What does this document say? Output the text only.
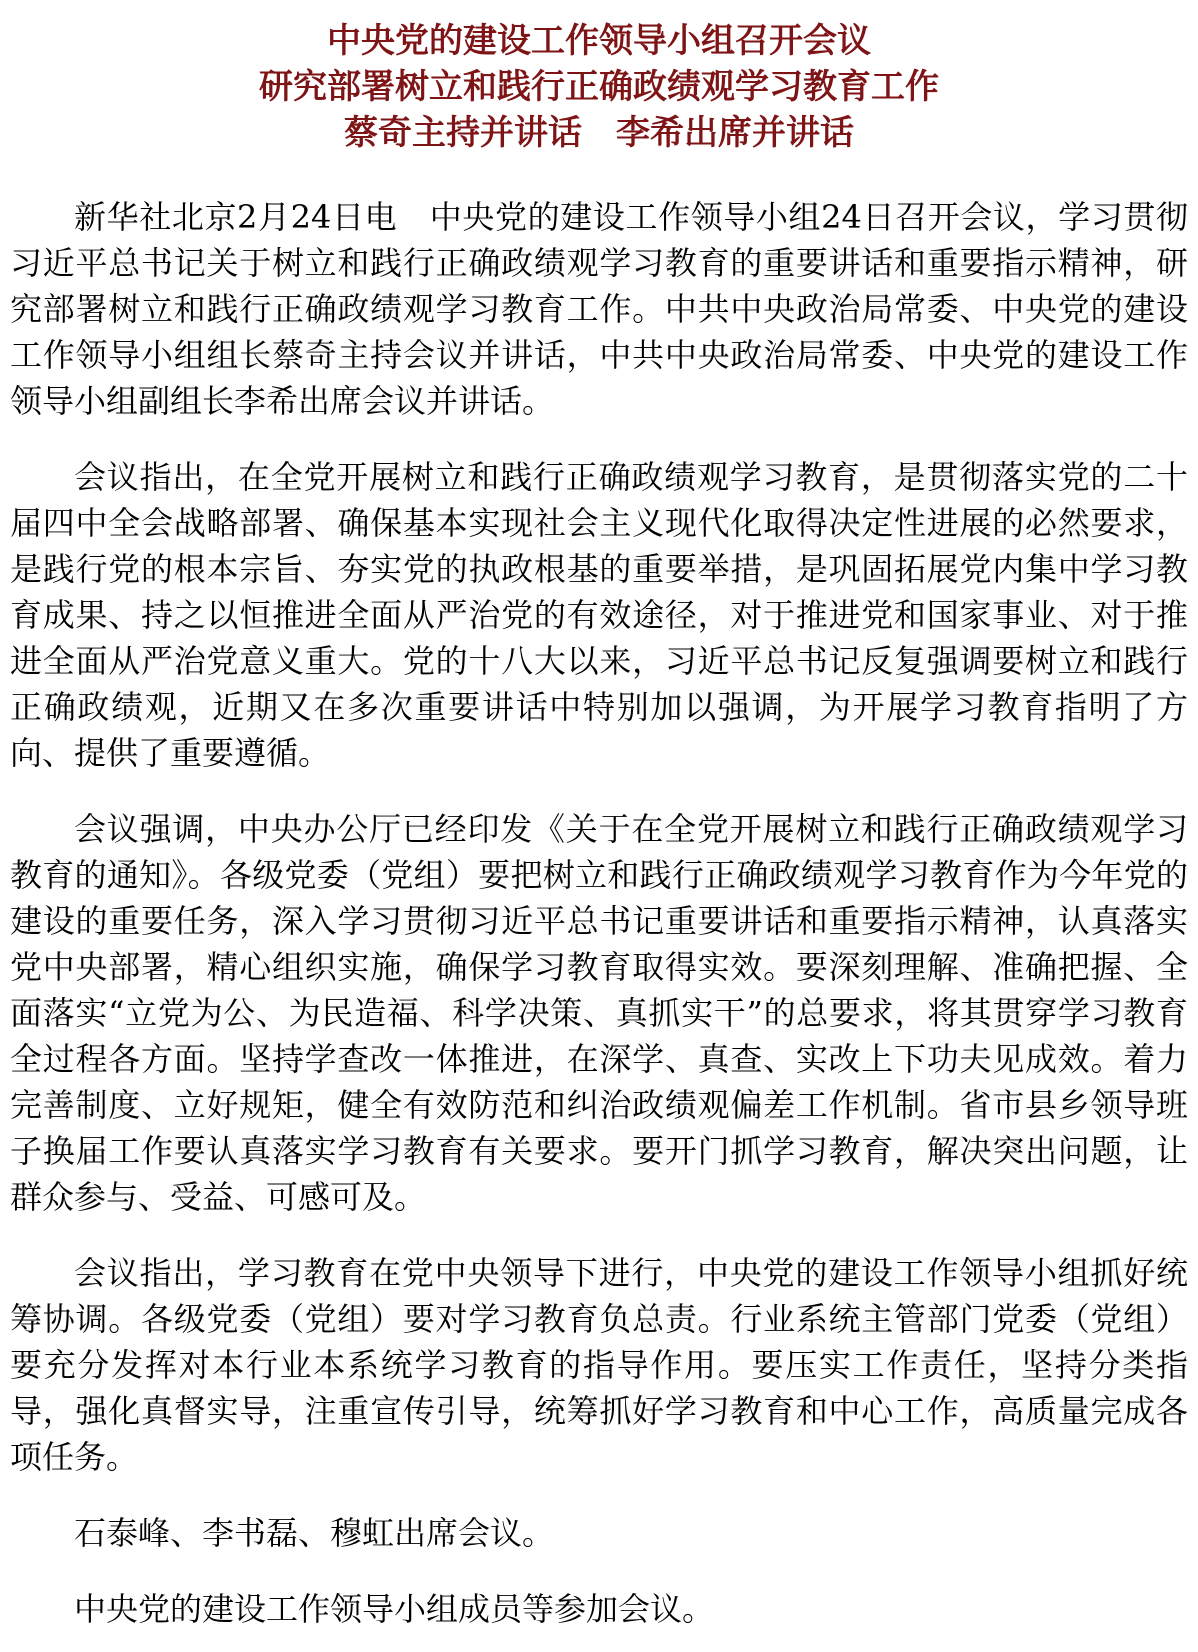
中央党的建设工作领导小组召开会议
研究部署树立和践行正确政绩观学习教育工作
蔡奇主持并讲话　李希出席并讲话

新华社北京2月24日电　中央党的建设工作领导小组24日召开会议，学习贯彻习近平总书记关于树立和践行正确政绩观学习教育的重要讲话和重要指示精神，研究部署树立和践行正确政绩观学习教育工作。中共中央政治局常委、中央党的建设工作领导小组组长蔡奇主持会议并讲话，中共中央政治局常委、中央党的建设工作领导小组副组长李希出席会议并讲话。

会议指出，在全党开展树立和践行正确政绩观学习教育，是贯彻落实党的二十届四中全会战略部署、确保基本实现社会主义现代化取得决定性进展的必然要求，是践行党的根本宗旨、夯实党的执政根基的重要举措，是巩固拓展党内集中学习教育成果、持之以恒推进全面从严治党的有效途径，对于推进党和国家事业、对于推进全面从严治党意义重大。党的十八大以来，习近平总书记反复强调要树立和践行正确政绩观，近期又在多次重要讲话中特别加以强调，为开展学习教育指明了方向、提供了重要遵循。

会议强调，中央办公厅已经印发《关于在全党开展树立和践行正确政绩观学习教育的通知》。各级党委（党组）要把树立和践行正确政绩观学习教育作为今年党的建设的重要任务，深入学习贯彻习近平总书记重要讲话和重要指示精神，认真落实党中央部署，精心组织实施，确保学习教育取得实效。要深刻理解、准确把握、全面落实“立党为公、为民造福、科学决策、真抓实干”的总要求，将其贯穿学习教育全过程各方面。坚持学查改一体推进，在深学、真查、实改上下功夫见成效。着力完善制度、立好规矩，健全有效防范和纠治政绩观偏差工作机制。省市县乡领导班子换届工作要认真落实学习教育有关要求。要开门抓学习教育，解决突出问题，让群众参与、受益、可感可及。

会议指出，学习教育在党中央领导下进行，中央党的建设工作领导小组抓好统筹协调。各级党委（党组）要对学习教育负总责。行业系统主管部门党委（党组）要充分发挥对本行业本系统学习教育的指导作用。要压实工作责任，坚持分类指导，强化真督实导，注重宣传引导，统筹抓好学习教育和中心工作，高质量完成各项任务。

石泰峰、李书磊、穆虹出席会议。

中央党的建设工作领导小组成员等参加会议。
